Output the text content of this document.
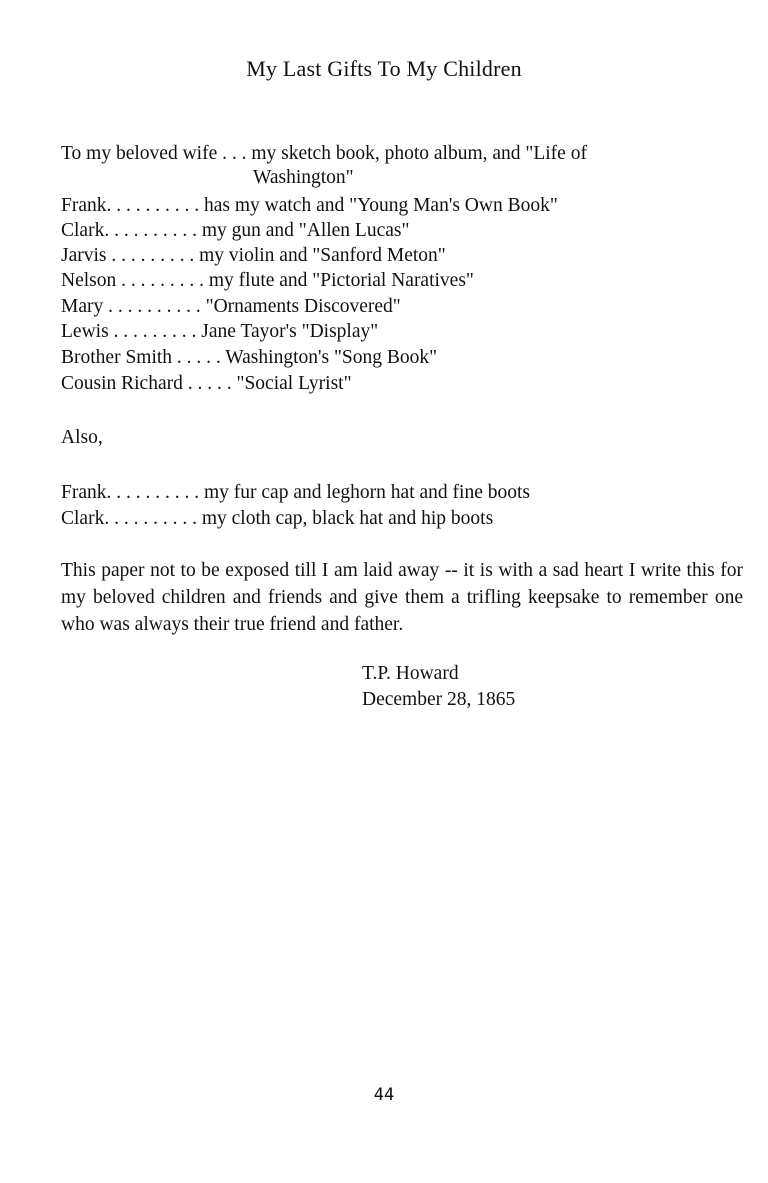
My Last Gifts To My Children
To my beloved wife . . . my sketch book, photo album, and "Life of
Washington"
Frank. . . . . . . . . . has my watch and "Young Man's Own Book"
Clark. . . . . . . . . . my gun and "Allen Lucas"
Jarvis . . . . . . . . . my violin and "Sanford Meton"
Nelson . . . . . . . . . my flute and "Pictorial Naratives"
Mary . . . . . . . . . . "Ornaments Discovered"
Lewis . . . . . . . . . Jane Tayor's "Display"
Brother Smith . . . . . Washington's "Song Book"
Cousin Richard . . . . . "Social Lyrist"
Also,
Frank. . . . . . . . . . my fur cap and leghorn hat and fine boots
Clark. . . . . . . . . . my cloth cap, black hat and hip boots
This paper not to be exposed till I am laid away -- it is with a sad heart I write this for my beloved children and friends and give them a trifling keepsake to remember one who was always their true friend and father.
T.P. Howard
December 28, 1865
44
